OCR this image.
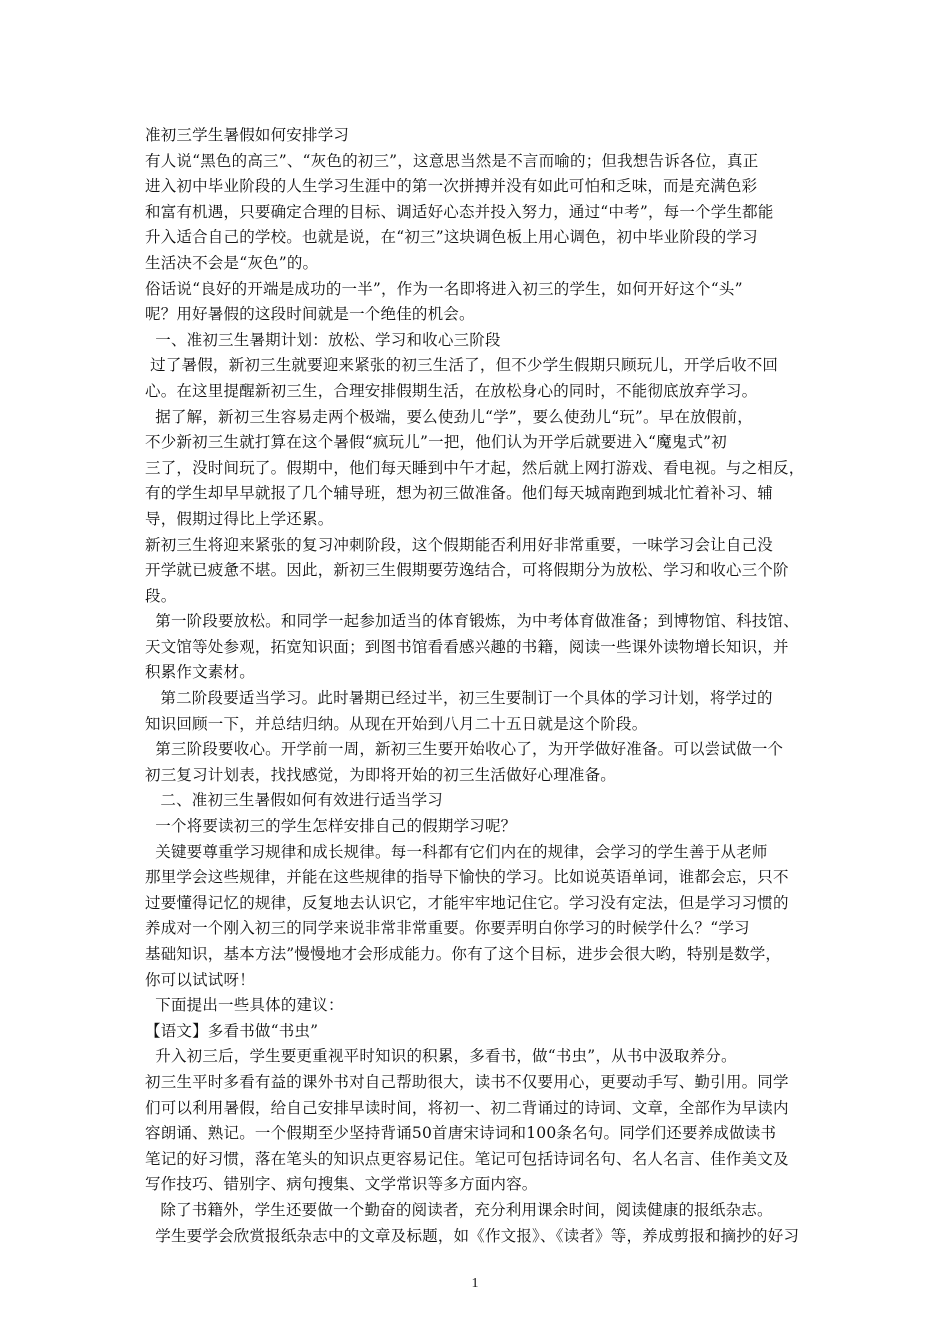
准初三学生暑假如何安排学习
有人说“黑色的高三”、“灰色的初三”，这意思当然是不言而喻的；但我想告诉各位，真正
进入初中毕业阶段的人生学习生涯中的第一次拼搏并没有如此可怕和乏味，而是充满色彩
和富有机遇，只要确定合理的目标、调适好心态并投入努力，通过“中考”，每一个学生都能
升入适合自己的学校。也就是说，在“初三”这块调色板上用心调色，初中毕业阶段的学习
生活决不会是“灰色”的。
俗话说“良好的开端是成功的一半”，作为一名即将进入初三的学生，如何开好这个“头”
呢？用好暑假的这段时间就是一个绝佳的机会。
一、准初三生暑期计划：放松、学习和收心三阶段
过了暑假，新初三生就要迎来紧张的初三生活了，但不少学生假期只顾玩儿，开学后收不回
心。在这里提醒新初三生，合理安排假期生活，在放松身心的同时，不能彻底放弃学习。
据了解，新初三生容易走两个极端，要么使劲儿“学”，要么使劲儿“玩”。早在放假前，
不少新初三生就打算在这个暑假“疯玩儿”一把，他们认为开学后就要进入“魔鬼式”初
三了，没时间玩了。假期中，他们每天睡到中午才起，然后就上网打游戏、看电视。与之相反，
有的学生却早早就报了几个辅导班，想为初三做准备。他们每天城南跑到城北忙着补习、辅
导，假期过得比上学还累。
新初三生将迎来紧张的复习冲刺阶段，这个假期能否利用好非常重要，一味学习会让自己没
开学就已疲惫不堪。因此，新初三生假期要劳逸结合，可将假期分为放松、学习和收心三个阶
段。
第一阶段要放松。和同学一起参加适当的体育锻炼，为中考体育做准备；到博物馆、科技馆、
天文馆等处参观，拓宽知识面；到图书馆看看感兴趣的书籍，阅读一些课外读物增长知识，并
积累作文素材。
第二阶段要适当学习。此时暑期已经过半，初三生要制订一个具体的学习计划，将学过的
知识回顾一下，并总结归纳。从现在开始到八月二十五日就是这个阶段。
第三阶段要收心。开学前一周，新初三生要开始收心了，为开学做好准备。可以尝试做一个
初三复习计划表，找找感觉，为即将开始的初三生活做好心理准备。
二、准初三生暑假如何有效进行适当学习
一个将要读初三的学生怎样安排自己的假期学习呢？
关键要尊重学习规律和成长规律。每一科都有它们内在的规律，会学习的学生善于从老师
那里学会这些规律，并能在这些规律的指导下愉快的学习。比如说英语单词，谁都会忘，只不
过要懂得记忆的规律，反复地去认识它，才能牢牢地记住它。学习没有定法，但是学习习惯的
养成对一个刚入初三的同学来说非常非常重要。你要弄明白你学习的时候学什么？“学习
基础知识，基本方法”慢慢地才会形成能力。你有了这个目标，进步会很大哟，特别是数学，
你可以试试呀！
下面提出一些具体的建议：
【语文】多看书做“书虫”
升入初三后，学生要更重视平时知识的积累，多看书，做“书虫”，从书中汲取养分。
初三生平时多看有益的课外书对自己帮助很大，读书不仅要用心，更要动手写、勤引用。同学
们可以利用暑假，给自己安排早读时间，将初一、初二背诵过的诗词、文章，全部作为早读内
容朗诵、熟记。一个假期至少坚持背诵50首唐宋诗词和100条名句。同学们还要养成做读书
笔记的好习惯，落在笔头的知识点更容易记住。笔记可包括诗词名句、名人名言、佳作美文及
写作技巧、错别字、病句搜集、文学常识等多方面内容。
除了书籍外，学生还要做一个勤奋的阅读者，充分利用课余时间，阅读健康的报纸杂志。
学生要学会欣赏报纸杂志中的文章及标题，如《作文报》、《读者》等，养成剪报和摘抄的好习
1
